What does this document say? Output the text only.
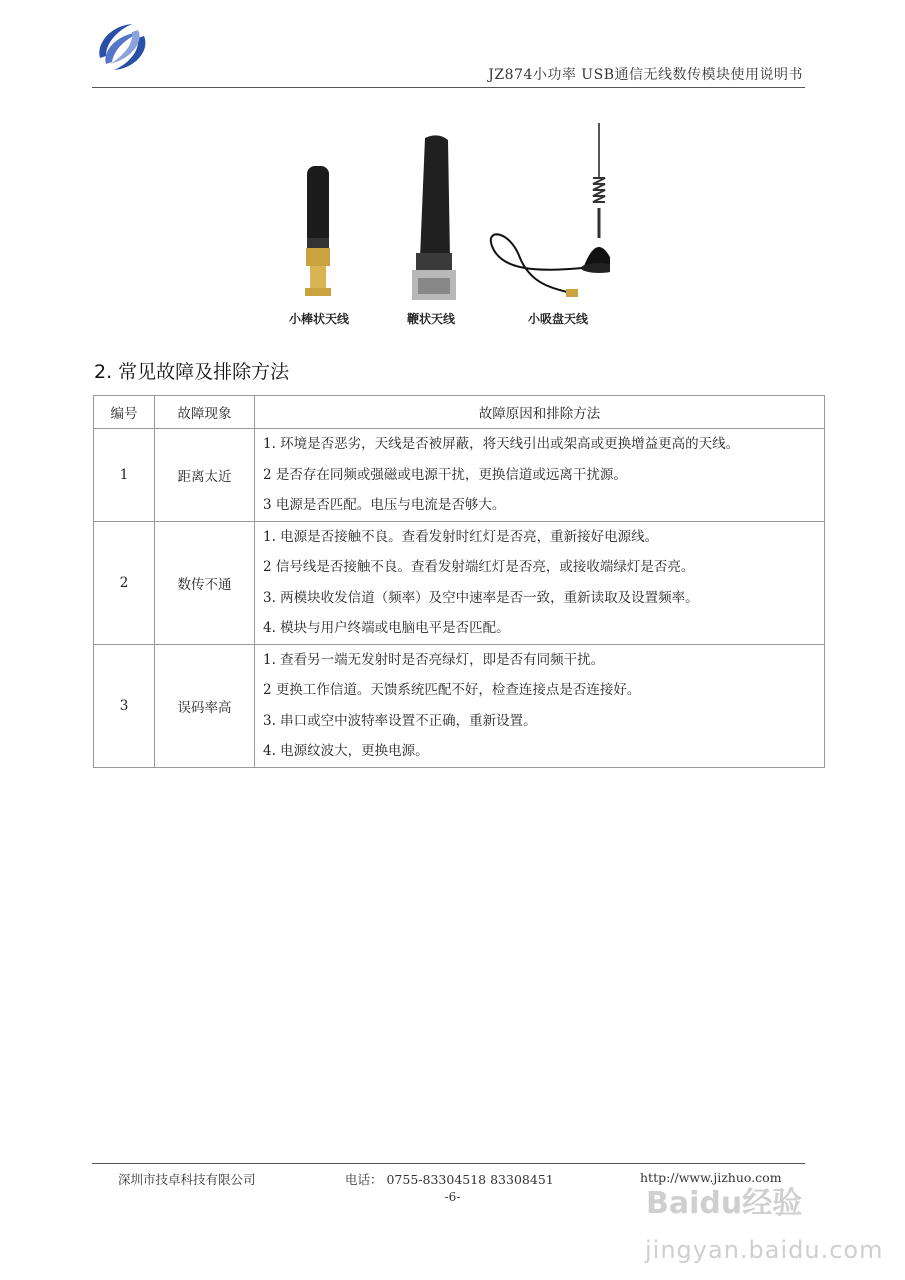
JZ874小功率 USB通信无线数传模块使用说明书
小棒状天线	鞭状天线	小吸盘天线
2. 常见故障及排除方法
编号	故障现象	故障原因和排除方法
1	距离太近	1. 环境是否恶劣，天线是否被屏蔽，将天线引出或架高或更换增益更高的天线。
2 是否存在同频或强磁或电源干扰，更换信道或远离干扰源。
3 电源是否匹配。电压与电流是否够大。

2	数传不通	1. 电源是否接触不良。查看发射时红灯是否亮，重新接好电源线。
2 信号线是否接触不良。查看发射端红灯是否亮，或接收端绿灯是否亮。
3. 两模块收发信道（频率）及空中速率是否一致，重新读取及设置频率。
4. 模块与用户终端或电脑电平是否匹配。

3	误码率高	1. 查看另一端无发射时是否亮绿灯，即是否有同频干扰。
2 更换工作信道。天馈系统匹配不好，检查连接点是否连接好。
3. 串口或空中波特率设置不正确，重新设置。
4. 电源纹波大，更换电源。
深圳市技卓科技有限公司	电话： 0755-83304518 83308451	http://www.jizhuo.com
-6-	Baidu经验
jingyan.baidu.com
